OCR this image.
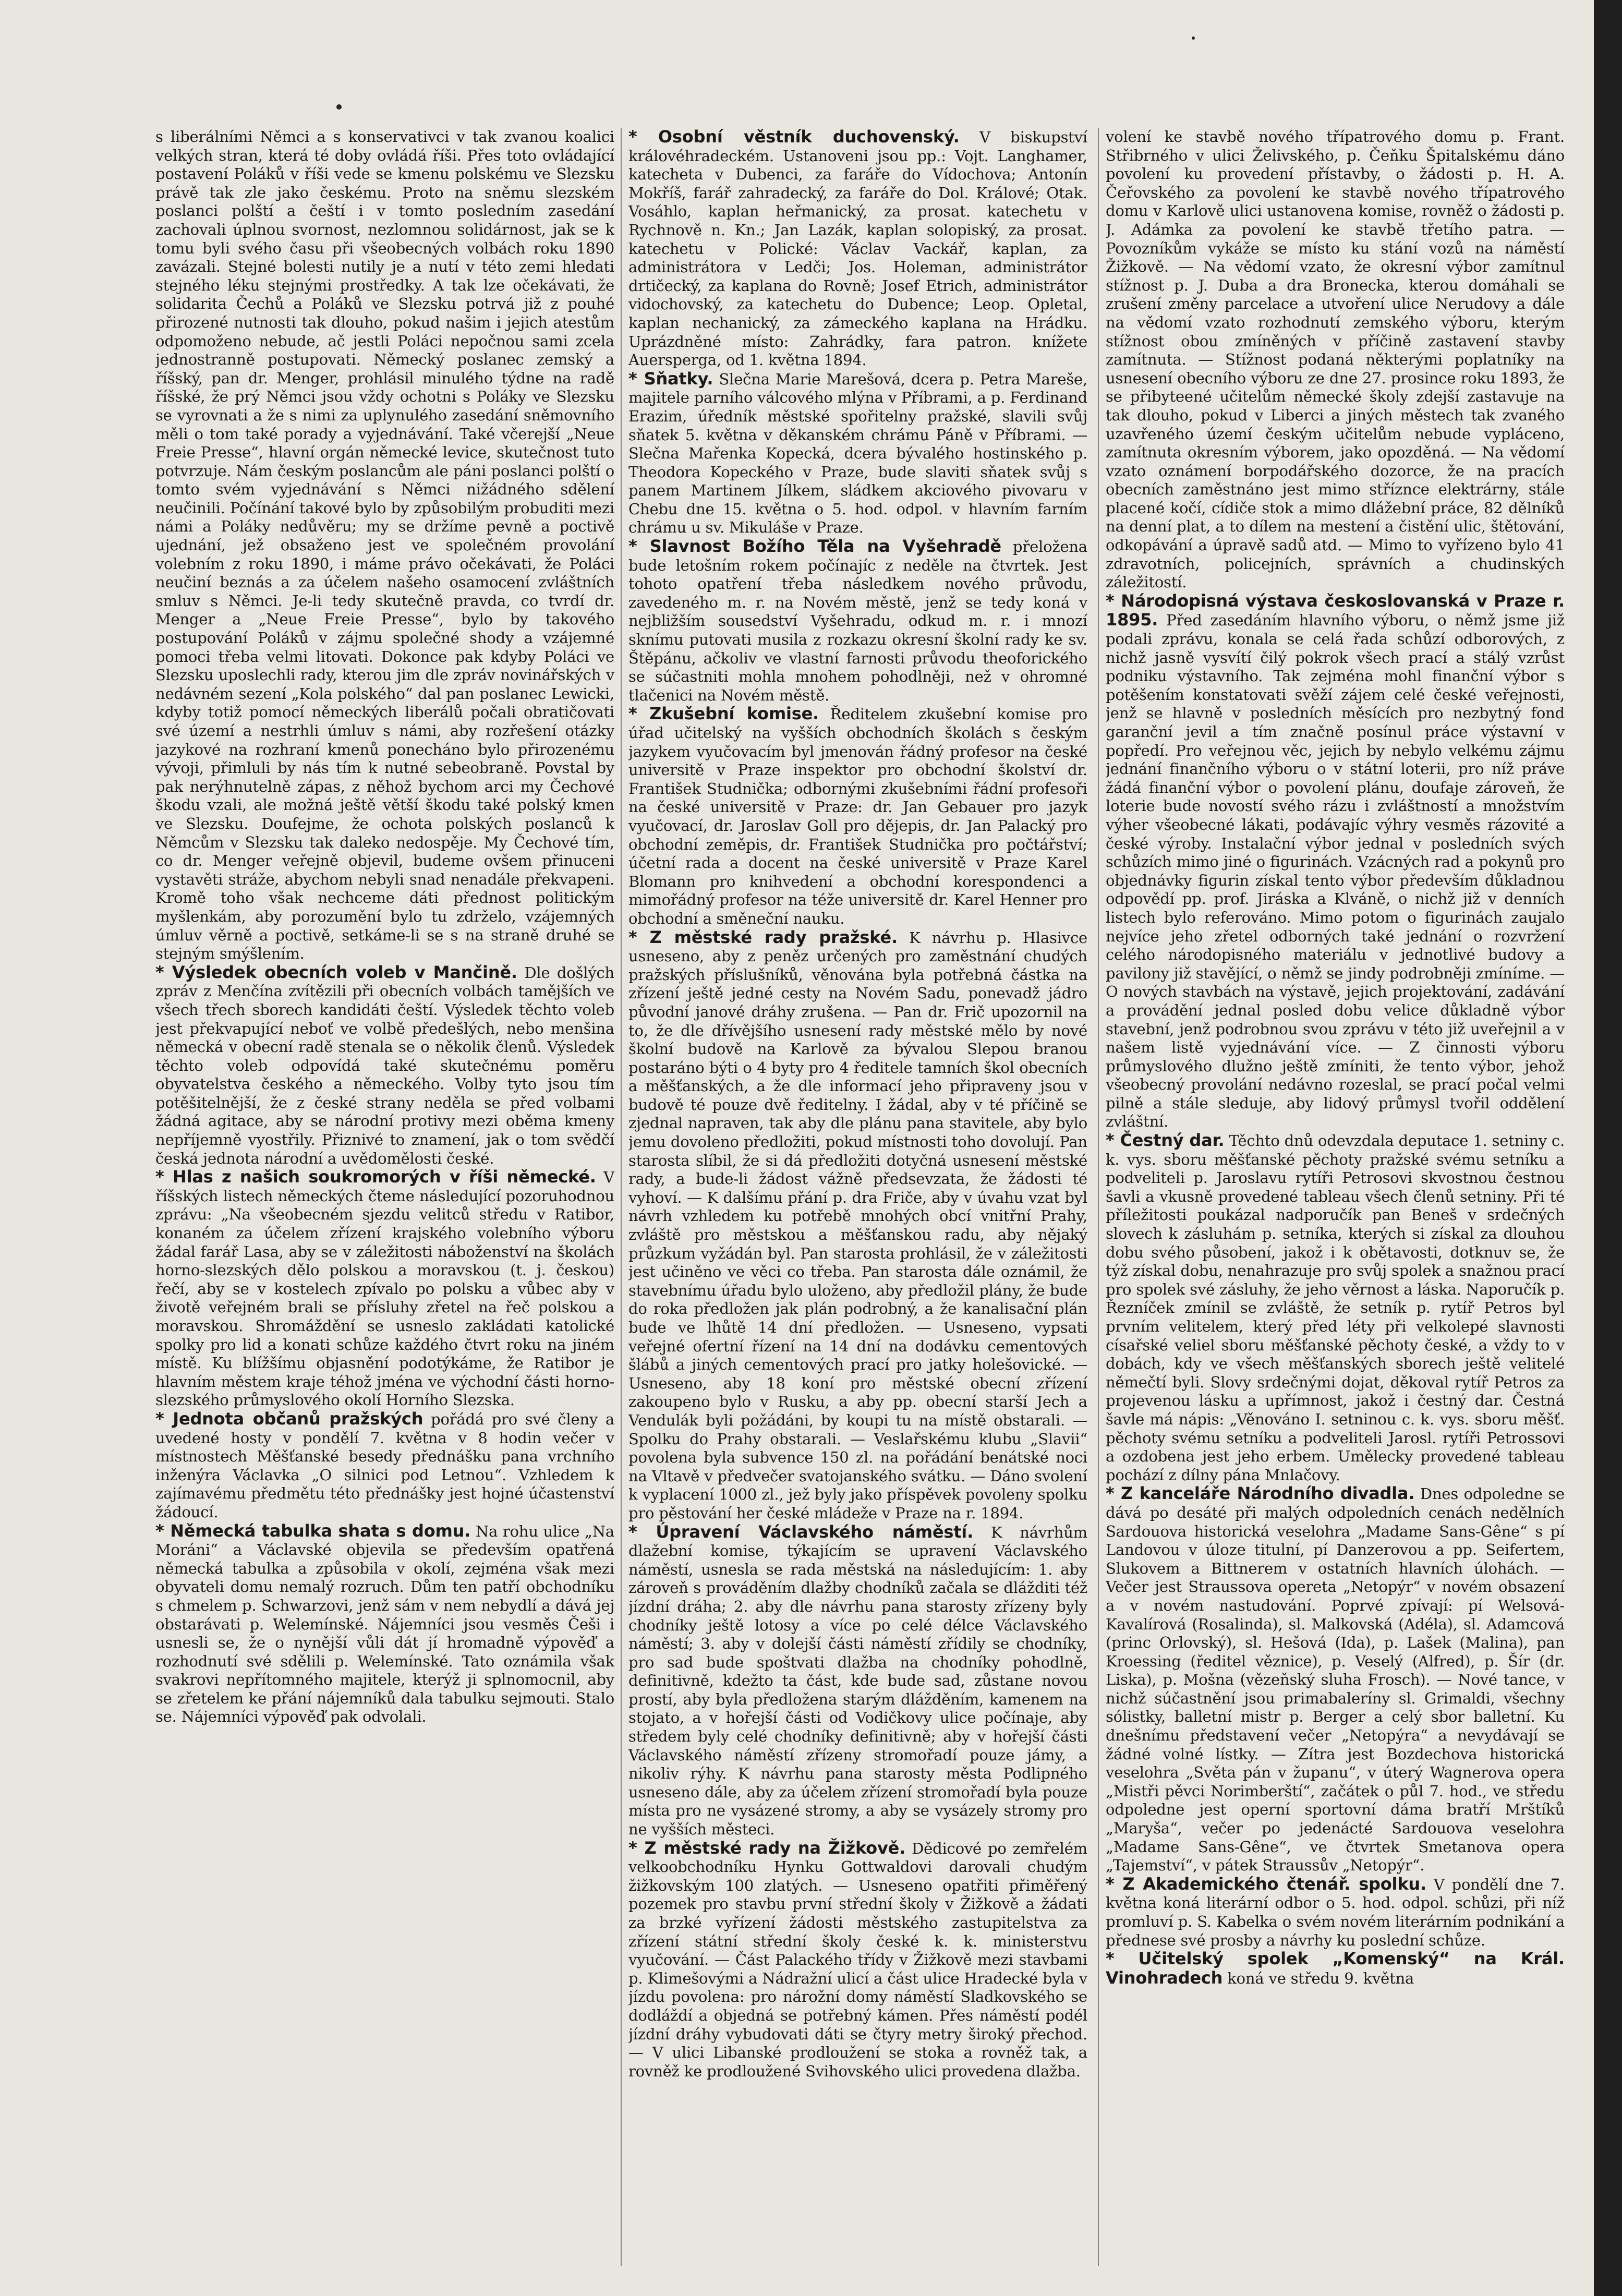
s liberálními Němci a s konservativci v tak zvanou koalici velkých stran, která té doby ovládá říši. Přes toto ovládající postavení Poláků v říši vede se kmenu polskému ve Slezsku právě tak zle jako českému. Proto na sněmu slezském poslanci polští a čeští i v tomto posledním zasedání zachovali úplnou svornost, nezlomnou solidárnost, jak se k tomu byli svého času při všeobecných volbách roku 1890 zavázali. Stejné bolesti nutily je a nutí v této zemi hledati stejného léku stejnými prostředky. A tak lze očekávati, že solidarita Čechů a Poláků ve Slezsku potrvá již z pouhé přirozené nutnosti tak dlouho, pokud našim i jejich atestům odpomoženo nebude, ač jestli Poláci nepočnou sami zcela jednostranně postupovati. Německý poslanec zemský a říšský, pan dr. Menger, prohlásil minulého týdne na radě říšské, že prý Němci jsou vždy ochotni s Poláky ve Slezsku se vyrovnati a že s nimi za uplynulého zasedání sněmovního měli o tom také porady a vyjednávání. Také včerejší „Neue Freie Presse“, hlavní orgán německé levice, skutečnost tuto potvrzuje. Nám českým poslancům ale páni poslanci polští o tomto svém vyjednávání s Němci nižádného sdělení neučinili. Počínání takové bylo by způsobilým probuditi mezi námi a Poláky nedůvěru; my se držíme pevně a poctivě ujednání, jež obsaženo jest ve společném provolání volebním z roku 1890, i máme právo očekávati, že Poláci neučiní beznás a za účelem našeho osamocení zvláštních smluv s Němci. Je-li tedy skutečně pravda, co tvrdí dr. Menger a „Neue Freie Presse“, bylo by takového postupování Poláků v zájmu společné shody a vzájemné pomoci třeba velmi litovati. Dokonce pak kdyby Poláci ve Slezsku uposlechli rady, kterou jim dle zpráv novinářských v nedávném sezení „Kola polského“ dal pan poslanec Lewicki, kdyby totiž pomocí německých liberálů počali obratičovati své území a nestrhli úmluv s námi, aby rozřešení otázky jazykové na rozhraní kmenů ponecháno bylo přirozenému vývoji, přimluli by nás tím k nutné sebeobraně. Povstal by pak nerýhnutelně zápas, z něhož bychom arci my Čechové škodu vzali, ale možná ještě větší škodu také polský kmen ve Slezsku. Doufejme, že ochota polských poslanců k Němcům v Slezsku tak daleko nedospěje. My Čechové tím, co dr. Menger veřejně objevil, budeme ovšem přinuceni vystavěti stráže, abychom nebyli snad nenadále překvapeni. Kromě toho však nechceme dáti přednost politickým myšlenkám, aby porozumění bylo tu zdrželo, vzájemných úmluv věrně a poctivě, setkáme-li se s na straně druhé se stejným smýšlením.

* Výsledek obecních voleb v Mančině. Dle došlých zpráv z Menčína zvítězili při obecních volbách tamějších ve všech třech sborech kandidáti čeští. Výsledek těchto voleb jest překvapující neboť ve volbě předešlých, nebo menšina německá v obecní radě stenala se o několik členů. Výsledek těchto voleb odpovídá také skutečnému poměru obyvatelstva českého a německého. Volby tyto jsou tím potěšitelnější, že z české strany neděla se před volbami žádná agitace, aby se národní protivy mezi oběma kmeny nepříjemně vyostřily. Přiznivé to znamení, jak o tom svědčí česká jednota národní a uvědomělosti české.

* Hlas z našich soukromorých v říši německé. V říšských listech německých čteme následující pozoruhodnou zprávu: „Na všeobecném sjezdu velitců středu v Ratibor, konaném za účelem zřízení krajského volebního výboru žádal farář Lasa, aby se v záležitosti náboženství na školách horno-slezských dělo polskou a moravskou (t. j. českou) řečí, aby se v kostelech zpívalo po polsku a vůbec aby v životě veřejném brali se přísluhy zřetel na řeč polskou a moravskou. Shromáždění se usneslo zakládati katolické spolky pro lid a konati schůze každého čtvrt roku na jiném místě. Ku blížšímu objasnění podotýkáme, že Ratibor je hlavním městem kraje téhož jména ve východní části horno-slezského průmyslového okolí Horního Slezska.

* Jednota občanů pražských pořádá pro své členy a uvedené hosty v pondělí 7. května v 8 hodin večer v místnostech Měšťanské besedy přednášku pana vrchního inženýra Václavka „O silnici pod Letnou“. Vzhledem k zajímavému předmětu této přednášky jest hojné účastenství žádoucí.

* Německá tabulka shata s domu. Na rohu ulice „Na Moráni“ a Václavské objevila se především opatřená německá tabulka a způsobila v okolí, zejména však mezi obyvateli domu nemalý rozruch. Dům ten patří obchodníku s chmelem p. Schwarzovi, jenž sám v nem nebydlí a dává jej obstarávati p. Welemínské. Nájemníci jsou vesměs Češi i usnesli se, že o nynější vůli dát jí hromadně výpověď a rozhodnutí své sdělili p. Welemínské. Tato oznámila však svakrovi nepřítomného majitele, kterýž ji splnomocnil, aby se zřetelem ke přání nájemníků dala tabulku sejmouti. Stalo se. Nájemníci výpověď pak odvolali.

* Osobní věstník duchovenský. V biskupství královéhradeckém. Ustanoveni jsou pp.: Vojt. Langhamer, katecheta v Dubenci, za faráře do Vídochova; Antonín Mokříš, farář zahradecký, za faráře do Dol. Králové; Otak. Vosáhlo, kaplan heřmanický, za prosat. katechetu v Rychnově n. Kn.; Jan Lazák, kaplan solopiský, za prosat. katechetu v Polické: Václav Vackář, kaplan, za administrátora v Ledči; Jos. Holeman, administrátor drtičecký, za kaplana do Rovně; Josef Etrich, administrátor vidochovský, za katechetu do Dubence; Leop. Opletal, kaplan nechanický, za zámeckého kaplana na Hrádku. Uprázdněné místo: Zahrádky, fara patron. knížete Auersperga, od 1. května 1894.

* Sňatky. Slečna Marie Marešová, dcera p. Petra Mareše, majitele parního válcového mlýna v Příbrami, a p. Ferdinand Erazim, úředník městské spořitelny pražské, slavili svůj sňatek 5. května v děkanském chrámu Páně v Příbrami. — Slečna Mařenka Kopecká, dcera bývalého hostinského p. Theodora Kopeckého v Praze, bude slaviti sňatek svůj s panem Martinem Jílkem, sládkem akciového pivovaru v Chebu dne 15. května o 5. hod. odpol. v hlavním farním chrámu u sv. Mikuláše v Praze.

* Slavnost Božího Těla na Vyšehradě přeložena bude letošním rokem počínajíc z neděle na čtvrtek. Jest tohoto opatření třeba následkem nového průvodu, zavedeného m. r. na Novém městě, jenž se tedy koná v nejbližším sousedství Vyšehradu, odkud m. r. i mnozí sknímu putovati musila z rozkazu okresní školní rady ke sv. Štěpánu, ačkoliv ve vlastní farnosti průvodu theoforického se súčastniti mohla mnohem pohodlněji, než v ohromné tlačenici na Novém městě.

* Zkušební komise. Ředitelem zkušební komise pro úřad učitelský na vyšších obchodních školách s českým jazykem vyučovacím byl jmenován řádný profesor na české universitě v Praze inspektor pro obchodní školství dr. František Studnička; odbornými zkušebními řádní profesoři na české universitě v Praze: dr. Jan Gebauer pro jazyk vyučovací, dr. Jaroslav Goll pro dějepis, dr. Jan Palacký pro obchodní zeměpis, dr. František Studnička pro počtářství; účetní rada a docent na české universitě v Praze Karel Blomann pro knihvedení a obchodní korespondenci a mimořádný profesor na téže universitě dr. Karel Henner pro obchodní a směneční nauku.

* Z městské rady pražské. K návrhu p. Hlasivce usneseno, aby z peněz určených pro zaměstnání chudých pražských příslušníků, věnována byla potřebná částka na zřízení ještě jedné cesty na Novém Sadu, ponevadž jádro původní janové dráhy zrušena. — Pan dr. Frič upozornil na to, že dle dřívějšího usnesení rady městské mělo by nové školní budově na Karlově za bývalou Slepou branou postaráno býti o 4 byty pro 4 ředitele tamních škol obecních a měšťanských, a že dle informací jeho připraveny jsou v budově té pouze dvě ředitelny. I žádal, aby v té příčině se zjednal napraven, tak aby dle plánu pana stavitele, aby bylo jemu dovoleno předložiti, pokud místnosti toho dovolují. Pan starosta slíbil, že si dá předložiti dotyčná usnesení městské rady, a bude-li žádost vážně předsevzata, že žádosti té vyhoví. — K dalšímu přání p. dra Friče, aby v úvahu vzat byl návrh vzhledem ku potřebě mnohých obcí vnitřní Prahy, zvláště pro městskou a měšťanskou radu, aby nějaký průzkum vyžádán byl. Pan starosta prohlásil, že v záležitosti jest učiněno ve věci co třeba. Pan starosta dále oznámil, že stavebnímu úřadu bylo uloženo, aby předložil plány, že bude do roka předložen jak plán podrobný, a že kanalisační plán bude ve lhůtě 14 dní předložen. — Usneseno, vypsati veřejné ofertní řízení na 14 dní na dodávku cementových šlábů a jiných cementových prací pro jatky holešovické. — Usneseno, aby 18 koní pro městské obecní zřízení zakoupeno bylo v Rusku, a aby pp. obecní starší Jech a Vendulák byli požádáni, by koupi tu na místě obstarali. — Spolku do Prahy obstarali. — Veslařskému klubu „Slavii“ povolena byla subvence 150 zl. na pořádání benátské noci na Vltavě v předvečer svatojanského svátku. — Dáno svolení k vyplacení 1000 zl., jež byly jako příspěvek povoleny spolku pro pěstování her české mládeže v Praze na r. 1894.

* Úpravení Václavského náměstí. K návrhům dlažební komise, týkajícím se upravení Václavského náměstí, usnesla se rada městská na následujícím: 1. aby zároveň s prováděním dlažby chodníků začala se dlážditi též jízdní dráha; 2. aby dle návrhu pana starosty zřízeny byly chodníky ještě lotosy a více po celé délce Václavského náměstí; 3. aby v dolejší části náměstí zřídily se chodníky, pro sad bude spoštvati dlažba na chodníky pohodlně, definitivně, kdežto ta část, kde bude sad, zůstane novou prostí, aby byla předložena starým dlážděním, kamenem na stojato, a v hořejší části od Vodičkovy ulice počínaje, aby středem byly celé chodníky definitivně; aby v hořejší části Václavského náměstí zřízeny stromořadí pouze jámy, a nikoliv rýhy. K návrhu pana starosty města Podlipného usneseno dále, aby za účelem zřízení stromořadí byla pouze místa pro ne vysázené stromy, a aby se vysázely stromy pro ne vyšších městeci.

* Z městské rady na Žižkově. Dědicové po zemřelém velkoobchodníku Hynku Gottwaldovi darovali chudým žižkovským 100 zlatých. — Usneseno opatřiti přiměřený pozemek pro stavbu první střední školy v Žižkově a žádati za brzké vyřízení žádosti městského zastupitelstva za zřízení státní střední školy české k. k. ministerstvu vyučování. — Část Palackého třídy v Žižkově mezi stavbami p. Klimešovými a Nádražní ulicí a část ulice Hradecké byla v jízdu povolena: pro nárožní domy náměstí Sladkovského se dodláždí a objedná se potřebný kámen. Přes náměstí podél jízdní dráhy vybudovati dáti se čtyry metry široký přechod. — V ulici Libanské prodloužení se stoka a rovněž tak, a rovněž ke prodloužené Svihovského ulici provedena dlažba.

volení ke stavbě nového třípatrového domu p. Frant. Střibrného v ulici Želivského, p. Čeňku Špitalskému dáno povolení ku provedení přístavby, o žádosti p. H. A. Čeřovského za povolení ke stavbě nového třípatrového domu v Karlově ulici ustanovena komise, rovněž o žádosti p. J. Adámka za povolení ke stavbě třetího patra. — Povozníkům vykáže se místo ku stání vozů na náměstí Žižkově. — Na vědomí vzato, že okresní výbor zamítnul stížnost p. J. Duba a dra Bronecka, kterou domáhali se zrušení změny parcelace a utvoření ulice Nerudovy a dále na vědomí vzato rozhodnutí zemského výboru, kterým stížnost obou zmíněných v příčině zastavení stavby zamítnuta. — Stížnost podaná některými poplatníky na usnesení obecního výboru ze dne 27. prosince roku 1893, že se přibyteené učitelům německé školy zdejší zastavuje na tak dlouho, pokud v Liberci a jiných městech tak zvaného uzavřeného území českým učitelům nebude vypláceno, zamítnuta okresním výborem, jako opozděná. — Na vědomí vzato oznámení borpodářského dozorce, že na pracích obecních zaměstnáno jest mimo stříznce elektrárny, stále placené kočí, cídiče stok a mimo dlážební práce, 82 dělníků na denní plat, a to dílem na mestení a čistění ulic, štětování, odkopávání a úpravě sadů atd. — Mimo to vyřízeno bylo 41 zdravotních, policejních, správních a chudinských záležitostí.

* Národopisná výstava českoslovanská v Praze r. 1895. Před zasedáním hlavního výboru, o němž jsme již podali zprávu, konala se celá řada schůzí odborových, z nichž jasně vysvítí čilý pokrok všech prací a stálý vzrůst podniku výstavního. Tak zejména mohl finanční výbor s potěšením konstatovati svěží zájem celé české veřejnosti, jenž se hlavně v posledních měsících pro nezbytný fond garanční jevil a tím značně posínul práce výstavní v popředí. Pro veřejnou věc, jejich by nebylo velkému zájmu jednání finančního výboru o v státní loterii, pro níž práve žádá finanční výbor o povolení plánu, doufaje zároveň, že loterie bude novostí svého rázu i zvláštností a množstvím výher všeobecné lákati, podávajíc výhry vesměs rázovité a české výroby. Instalační výbor jednal v posledních svých schůzích mimo jiné o figurinách. Vzácných rad a pokynů pro objednávky figurin získal tento výbor především důkladnou odpovědí pp. prof. Jiráska a Klváně, o nichž již v denních listech bylo referováno. Mimo potom o figurinách zaujalo nejvíce jeho zřetel odborných také jednání o rozvržení celého národopisného materiálu v jednotlivé budovy a pavilony již stavějící, o němž se jindy podrobněji zmíníme. — O nových stavbách na výstavě, jejich projektování, zadávání a provádění jednal posled dobu velice důkladně výbor stavební, jenž podrobnou svou zprávu v této již uveřejnil a v našem listě vyjednávání více. — Z činnosti výboru průmyslového dlužno ještě zmíniti, že tento výbor, jehož všeobecný provolání nedávno rozeslal, se prací počal velmi pilně a stále sleduje, aby lidový průmysl tvořil oddělení zvláštní.

* Čestný dar. Těchto dnů odevzdala deputace 1. setniny c. k. vys. sboru měšťanské pěchoty pražské svému setníku a podveliteli p. Jaroslavu rytíři Petrosovi skvostnou čestnou šavli a vkusně provedené tableau všech členů setniny. Při té příležitosti poukázal nadporučík pan Beneš v srdečných slovech k zásluhám p. setníka, kterých si získal za dlouhou dobu svého působení, jakož i k obětavosti, dotknuv se, že týž získal dobu, nenahrazuje pro svůj spolek a snažnou prací pro spolek své zásluhy, že jeho věrnost a láska. Naporučík p. Řezníček zmínil se zvláště, že setník p. rytíř Petros byl prvním velitelem, který před léty při velkolepé slavnosti císařské veliel sboru měšťanské pěchoty české, a vždy to v dobách, kdy ve všech měšťanských sborech ještě velitelé němečtí byli. Slovy srdečnými dojat, děkoval rytíř Petros za projevenou lásku a upřímnost, jakož i čestný dar. Čestná šavle má nápis: „Věnováno I. setninou c. k. vys. sboru měšť. pěchoty svému setníku a podveliteli Jarosl. rytíři Petrossovi a ozdobena jest jeho erbem. Umělecky provedené tableau pochází z dílny pána Mnlačovy.

* Z kanceláře Národního divadla. Dnes odpoledne se dává po desáté při malých odpoledních cenách nedělních Sardouova historická veselohra „Madame Sans-Gêne“ s pí Landovou v úloze titulní, pí Danzerovou a pp. Seifertem, Slukovem a Bittnerem v ostatních hlavních úlohách. — Večer jest Straussova opereta „Netopýr“ v novém obsazení a v novém nastudování. Poprvé zpívají: pí Welsová-Kavalírová (Rosalinda), sl. Malkovská (Adéla), sl. Adamcová (princ Orlovský), sl. Hešová (Ida), p. Lašek (Malina), pan Kroessing (ředitel věznice), p. Veselý (Alfred), p. Šír (dr. Liska), p. Mošna (vězeňský sluha Frosch). — Nové tance, v nichž súčastnění jsou primabaleríny sl. Grimaldi, všechny sólistky, balletní mistr p. Berger a celý sbor balletní. Ku dnešnímu představení večer „Netopýra“ a nevydávají se žádné volné lístky. — Zítra jest Bozdechova historická veselohra „Světa pán v županu“, v úterý Wagnerova opera „Mistři pěvci Norimberští“, začátek o půl 7. hod., ve středu odpoledne jest operní sportovní dáma bratří Mrštíků „Maryša“, večer po jedenácté Sardouova veselohra „Madame Sans-Gêne“, ve čtvrtek Smetanova opera „Tajemství“, v pátek Straussův „Netopýr“.

* Z Akademického čtenář. spolku. V pondělí dne 7. května koná literární odbor o 5. hod. odpol. schůzi, při níž promluví p. S. Kabelka o svém novém literárním podnikání a přednese své prosby a návrhy ku poslední schůze.

* Učitelský spolek „Komenský“ na Král. Vinohradech koná ve středu 9. května
